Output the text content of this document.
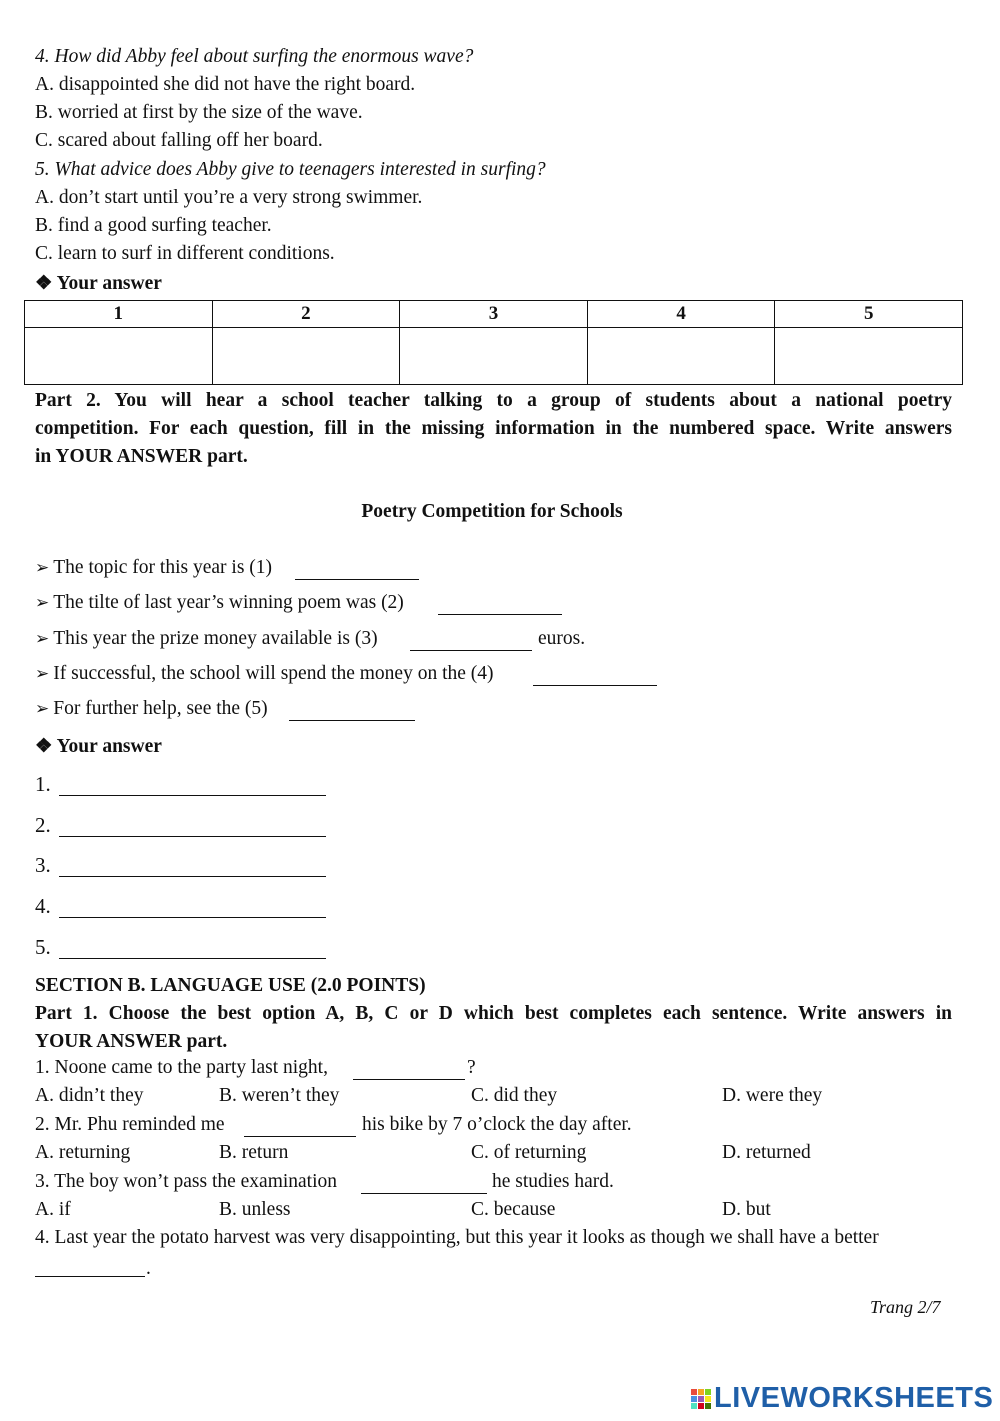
4. How did Abby feel about surfing the enormous wave?
A. disappointed she did not have the right board.
B. worried at first by the size of the wave.
C. scared about falling off her board.
5. What advice does Abby give to teenagers interested in surfing?
A. don’t start until you’re a very strong swimmer.
B. find a good surfing teacher.
C. learn to surf in different conditions.
❖ Your answer
1	2	3	4	5

Part 2. You will hear a school teacher talking to a group of students about a national poetry
competition. For each question, fill in the missing information in the numbered space. Write answers
in YOUR ANSWER part.
Poetry Competition for Schools
➢ The topic for this year is (1)
➢ The tilte of last year’s winning poem was (2)
➢ This year the prize money available is (3)	euros.
➢ If successful, the school will spend the money on the (4)
➢ For further help, see the (5)
❖ Your answer
1.
2.
3.
4.
5.
SECTION B. LANGUAGE USE (2.0 POINTS)
Part 1. Choose the best option A, B, C or D which best completes each sentence. Write answers in
YOUR ANSWER part.
1. Noone came to the party last night,	?
A. didn’t they	B. weren’t they	C. did they	D. were they
2. Mr. Phu reminded me	his bike by 7 o’clock the day after.
A. returning	B. return	C. of returning	D. returned
3. The boy won’t pass the examination	he studies hard.
A. if	B. unless	C. because	D. but
4. Last year the potato harvest was very disappointing, but this year it looks as though we shall have a better
.
Trang 2/7
LIVEWORKSHEETS
